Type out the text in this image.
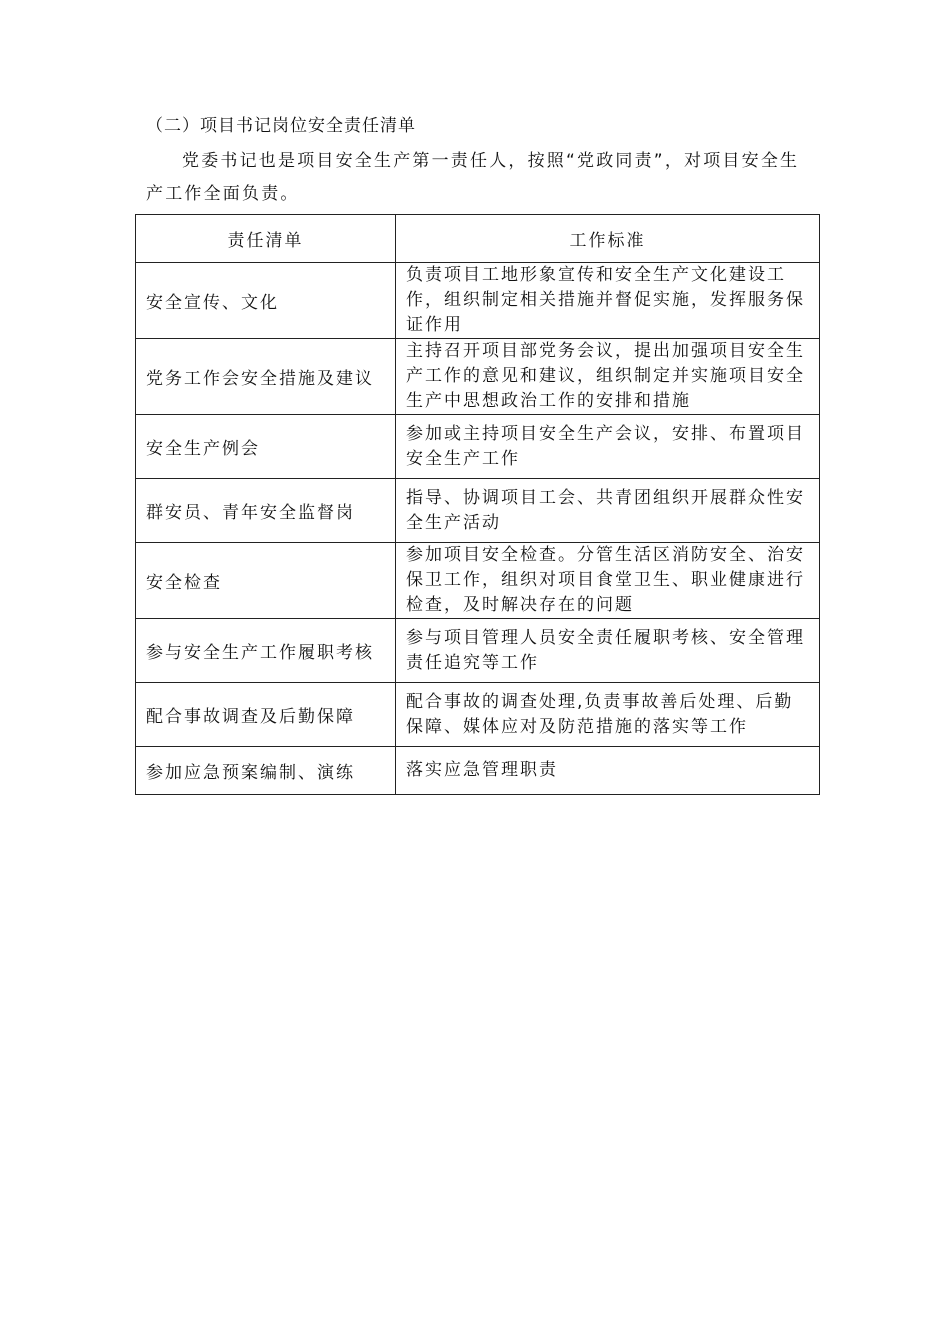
（二）项目书记岗位安全责任清单

党委书记也是项目安全生产第一责任人，按照“党政同责”，对项目安全生产工作全面负责。

责任清单	工作标准
安全宣传、文化	负责项目工地形象宣传和安全生产文化建设工作，组织制定相关措施并督促实施，发挥服务保证作用
党务工作会安全措施及建议	主持召开项目部党务会议，提出加强项目安全生产工作的意见和建议，组织制定并实施项目安全生产中思想政治工作的安排和措施
安全生产例会	参加或主持项目安全生产会议，安排、布置项目安全生产工作
群安员、青年安全监督岗	指导、协调项目工会、共青团组织开展群众性安全生产活动
安全检查	参加项目安全检查。分管生活区消防安全、治安保卫工作，组织对项目食堂卫生、职业健康进行检查，及时解决存在的问题
参与安全生产工作履职考核	参与项目管理人员安全责任履职考核、安全管理责任追究等工作
配合事故调查及后勤保障	配合事故的调查处理,负责事故善后处理、后勤保障、媒体应对及防范措施的落实等工作
参加应急预案编制、演练	落实应急管理职责
